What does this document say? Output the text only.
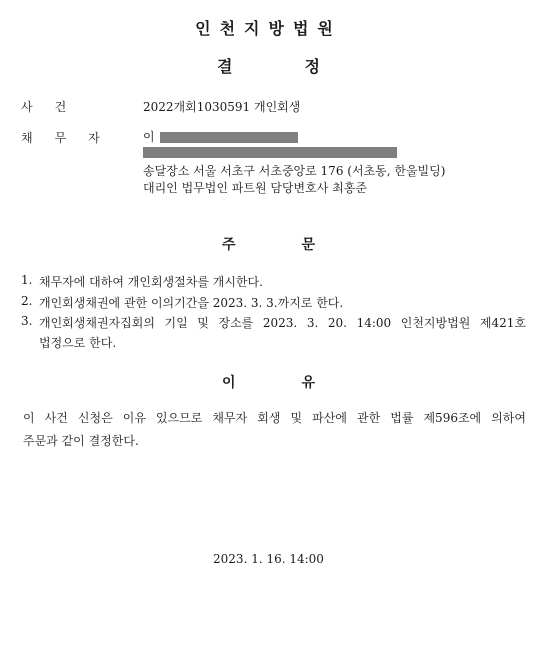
인천지방법원
결정
사건	2022개회1030591 개인회생
채무자	이
송달장소 서울 서초구 서초중앙로 176 (서초동, 한울빌딩)
대리인 법무법인 파트원 담당변호사 최홍준
주문
1. 채무자에 대하여 개인회생절차를 개시한다.
2. 개인회생채권에 관한 이의기간을 2023. 3. 3.까지로 한다.
3. 개인회생채권자집회의 기일 및 장소를 2023. 3. 20. 14:00 인천지방법원 제421호
법정으로 한다.
이유
이 사건 신청은 이유 있으므로 채무자 회생 및 파산에 관한 법률 제596조에 의하여
주문과 같이 결정한다.
2023. 1. 16. 14:00
